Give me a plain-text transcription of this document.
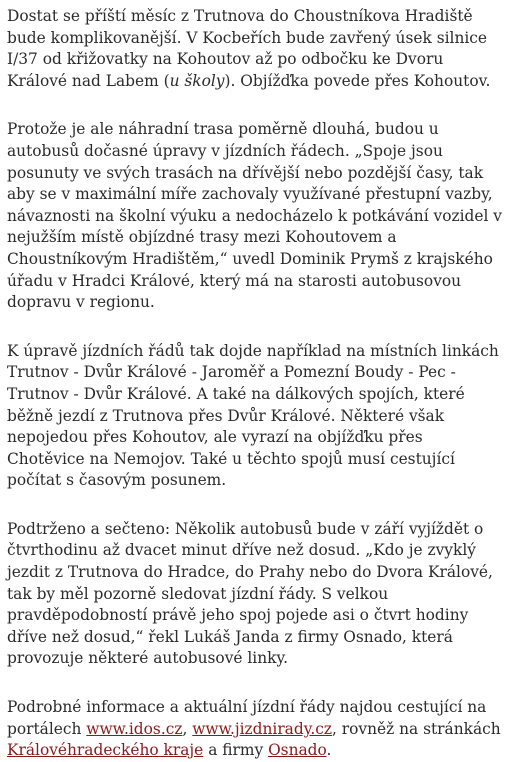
Dostat se příští měsíc z Trutnova do Choustníkova Hradiště bude komplikovanější. V Kocbeřích bude zavřený úsek silnice I/37 od křižovatky na Kohoutov až po odbočku ke Dvoru Králové nad Labem (u školy). Objížďka povede přes Kohoutov.

Protože je ale náhradní trasa poměrně dlouhá, budou u autobusů dočasné úpravy v jízdních řádech. „Spoje jsou posunuty ve svých trasách na dřívější nebo pozdější časy, tak aby se v maximální míře zachovaly využívané přestupní vazby, návaznosti na školní výuku a nedocházelo k potkávání vozidel v nejužším místě objízdné trasy mezi Kohoutovem a Choustníkovým Hradištěm,“ uvedl Dominik Prymš z krajského úřadu v Hradci Králové, který má na starosti autobusovou dopravu v regionu.

K úpravě jízdních řádů tak dojde například na místních linkách Trutnov - Dvůr Králové - Jaroměř a Pomezní Boudy - Pec - Trutnov - Dvůr Králové. A také na dálkových spojích, které běžně jezdí z Trutnova přes Dvůr Králové. Některé však nepojedou přes Kohoutov, ale vyrazí na objížďku přes Chotěvice na Nemojov. Také u těchto spojů musí cestující počítat s časovým posunem.

Podtrženo a sečteno: Několik autobusů bude v září vyjíždět o čtvrthodinu až dvacet minut dříve než dosud. „Kdo je zvyklý jezdit z Trutnova do Hradce, do Prahy nebo do Dvora Králové, tak by měl pozorně sledovat jízdní řády. S velkou pravděpodobností právě jeho spoj pojede asi o čtvrt hodiny dříve než dosud,“ řekl Lukáš Janda z firmy Osnado, která provozuje některé autobusové linky.

Podrobné informace a aktuální jízdní řády najdou cestující na portálech www.idos.cz, www.jizdnirady.cz, rovněž na stránkách Královéhradeckého kraje a firmy Osnado.
